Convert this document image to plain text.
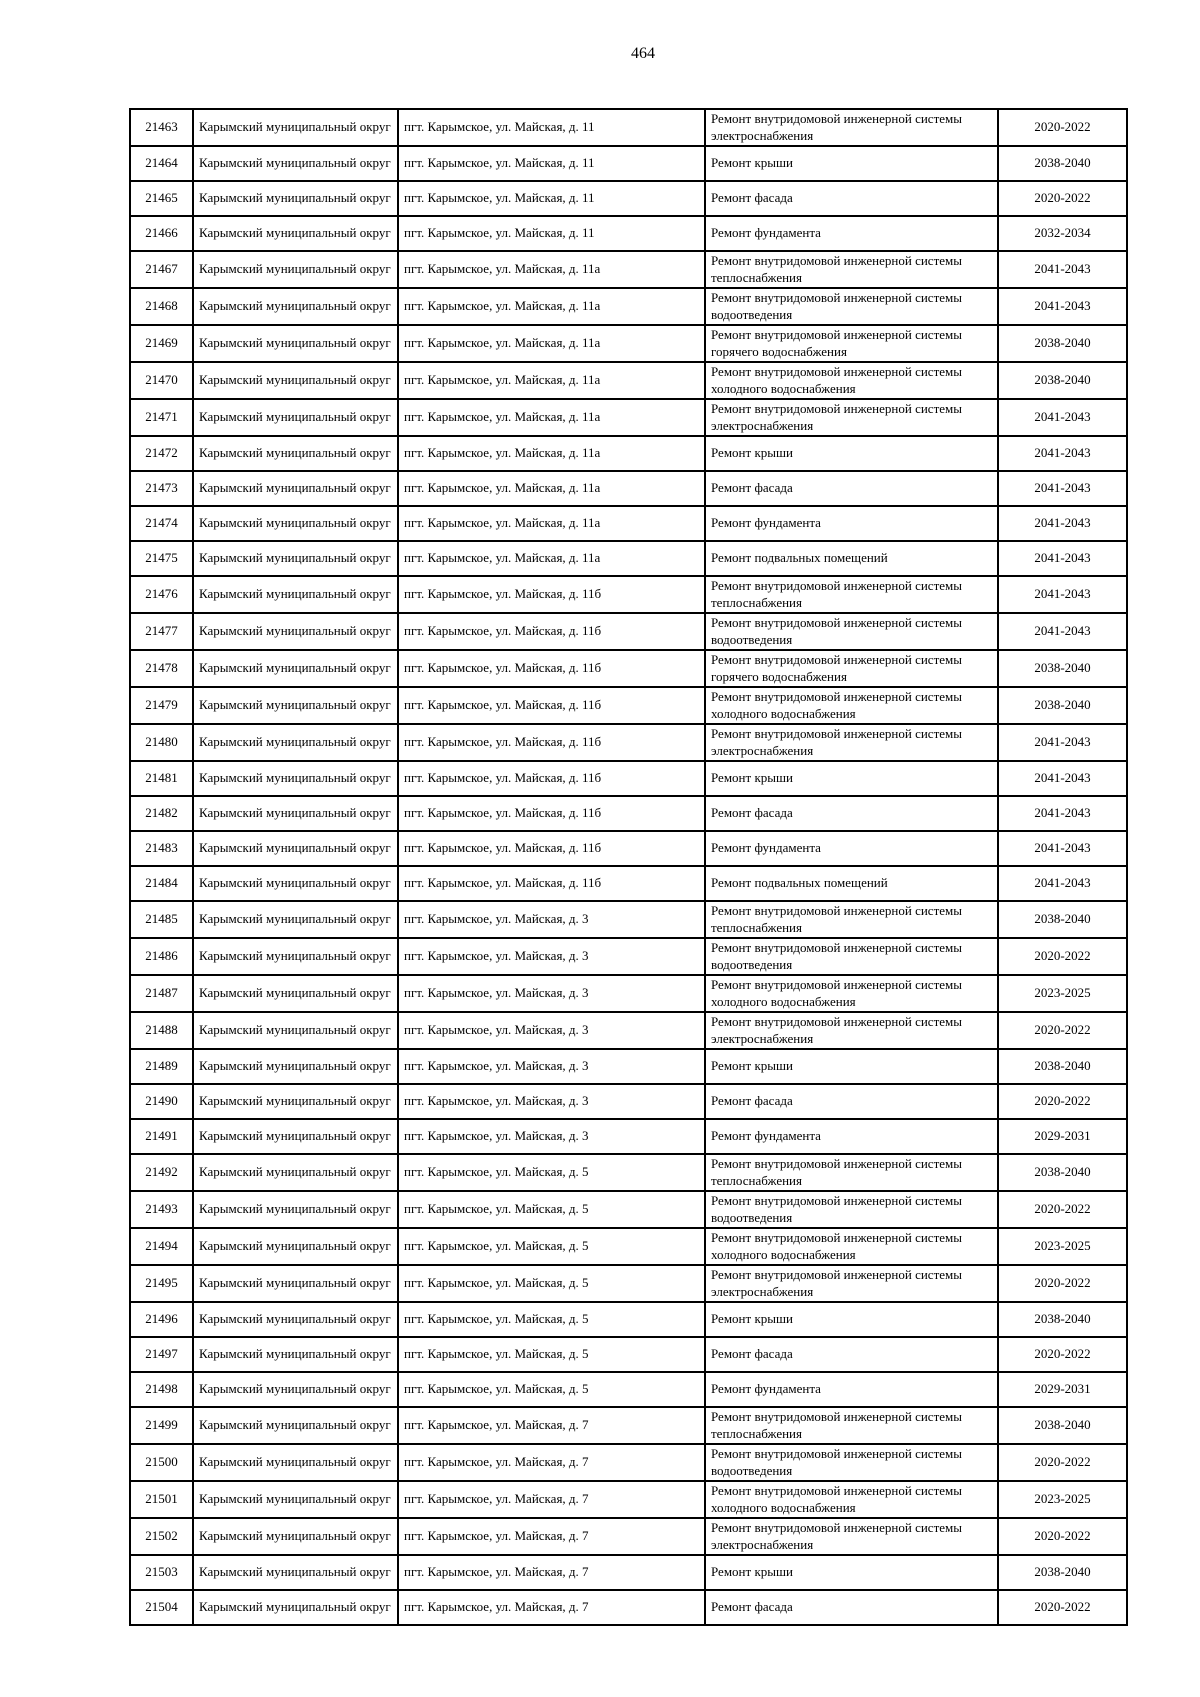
464
21463	Карымский муниципальный округ	пгт. Карымское, ул. Майская, д. 11	Ремонт внутридомовой инженерной системы электроснабжения	2020-2022
21464	Карымский муниципальный округ	пгт. Карымское, ул. Майская, д. 11	Ремонт крыши	2038-2040
21465	Карымский муниципальный округ	пгт. Карымское, ул. Майская, д. 11	Ремонт фасада	2020-2022
21466	Карымский муниципальный округ	пгт. Карымское, ул. Майская, д. 11	Ремонт фундамента	2032-2034
21467	Карымский муниципальный округ	пгт. Карымское, ул. Майская, д. 11а	Ремонт внутридомовой инженерной системы теплоснабжения	2041-2043
21468	Карымский муниципальный округ	пгт. Карымское, ул. Майская, д. 11а	Ремонт внутридомовой инженерной системы водоотведения	2041-2043
21469	Карымский муниципальный округ	пгт. Карымское, ул. Майская, д. 11а	Ремонт внутридомовой инженерной системы горячего водоснабжения	2038-2040
21470	Карымский муниципальный округ	пгт. Карымское, ул. Майская, д. 11а	Ремонт внутридомовой инженерной системы холодного водоснабжения	2038-2040
21471	Карымский муниципальный округ	пгт. Карымское, ул. Майская, д. 11а	Ремонт внутридомовой инженерной системы электроснабжения	2041-2043
21472	Карымский муниципальный округ	пгт. Карымское, ул. Майская, д. 11а	Ремонт крыши	2041-2043
21473	Карымский муниципальный округ	пгт. Карымское, ул. Майская, д. 11а	Ремонт фасада	2041-2043
21474	Карымский муниципальный округ	пгт. Карымское, ул. Майская, д. 11а	Ремонт фундамента	2041-2043
21475	Карымский муниципальный округ	пгт. Карымское, ул. Майская, д. 11а	Ремонт подвальных помещений	2041-2043
21476	Карымский муниципальный округ	пгт. Карымское, ул. Майская, д. 11б	Ремонт внутридомовой инженерной системы теплоснабжения	2041-2043
21477	Карымский муниципальный округ	пгт. Карымское, ул. Майская, д. 11б	Ремонт внутридомовой инженерной системы водоотведения	2041-2043
21478	Карымский муниципальный округ	пгт. Карымское, ул. Майская, д. 11б	Ремонт внутридомовой инженерной системы горячего водоснабжения	2038-2040
21479	Карымский муниципальный округ	пгт. Карымское, ул. Майская, д. 11б	Ремонт внутридомовой инженерной системы холодного водоснабжения	2038-2040
21480	Карымский муниципальный округ	пгт. Карымское, ул. Майская, д. 11б	Ремонт внутридомовой инженерной системы электроснабжения	2041-2043
21481	Карымский муниципальный округ	пгт. Карымское, ул. Майская, д. 11б	Ремонт крыши	2041-2043
21482	Карымский муниципальный округ	пгт. Карымское, ул. Майская, д. 11б	Ремонт фасада	2041-2043
21483	Карымский муниципальный округ	пгт. Карымское, ул. Майская, д. 11б	Ремонт фундамента	2041-2043
21484	Карымский муниципальный округ	пгт. Карымское, ул. Майская, д. 11б	Ремонт подвальных помещений	2041-2043
21485	Карымский муниципальный округ	пгт. Карымское, ул. Майская, д. 3	Ремонт внутридомовой инженерной системы теплоснабжения	2038-2040
21486	Карымский муниципальный округ	пгт. Карымское, ул. Майская, д. 3	Ремонт внутридомовой инженерной системы водоотведения	2020-2022
21487	Карымский муниципальный округ	пгт. Карымское, ул. Майская, д. 3	Ремонт внутридомовой инженерной системы холодного водоснабжения	2023-2025
21488	Карымский муниципальный округ	пгт. Карымское, ул. Майская, д. 3	Ремонт внутридомовой инженерной системы электроснабжения	2020-2022
21489	Карымский муниципальный округ	пгт. Карымское, ул. Майская, д. 3	Ремонт крыши	2038-2040
21490	Карымский муниципальный округ	пгт. Карымское, ул. Майская, д. 3	Ремонт фасада	2020-2022
21491	Карымский муниципальный округ	пгт. Карымское, ул. Майская, д. 3	Ремонт фундамента	2029-2031
21492	Карымский муниципальный округ	пгт. Карымское, ул. Майская, д. 5	Ремонт внутридомовой инженерной системы теплоснабжения	2038-2040
21493	Карымский муниципальный округ	пгт. Карымское, ул. Майская, д. 5	Ремонт внутридомовой инженерной системы водоотведения	2020-2022
21494	Карымский муниципальный округ	пгт. Карымское, ул. Майская, д. 5	Ремонт внутридомовой инженерной системы холодного водоснабжения	2023-2025
21495	Карымский муниципальный округ	пгт. Карымское, ул. Майская, д. 5	Ремонт внутридомовой инженерной системы электроснабжения	2020-2022
21496	Карымский муниципальный округ	пгт. Карымское, ул. Майская, д. 5	Ремонт крыши	2038-2040
21497	Карымский муниципальный округ	пгт. Карымское, ул. Майская, д. 5	Ремонт фасада	2020-2022
21498	Карымский муниципальный округ	пгт. Карымское, ул. Майская, д. 5	Ремонт фундамента	2029-2031
21499	Карымский муниципальный округ	пгт. Карымское, ул. Майская, д. 7	Ремонт внутридомовой инженерной системы теплоснабжения	2038-2040
21500	Карымский муниципальный округ	пгт. Карымское, ул. Майская, д. 7	Ремонт внутридомовой инженерной системы водоотведения	2020-2022
21501	Карымский муниципальный округ	пгт. Карымское, ул. Майская, д. 7	Ремонт внутридомовой инженерной системы холодного водоснабжения	2023-2025
21502	Карымский муниципальный округ	пгт. Карымское, ул. Майская, д. 7	Ремонт внутридомовой инженерной системы электроснабжения	2020-2022
21503	Карымский муниципальный округ	пгт. Карымское, ул. Майская, д. 7	Ремонт крыши	2038-2040
21504	Карымский муниципальный округ	пгт. Карымское, ул. Майская, д. 7	Ремонт фасада	2020-2022
